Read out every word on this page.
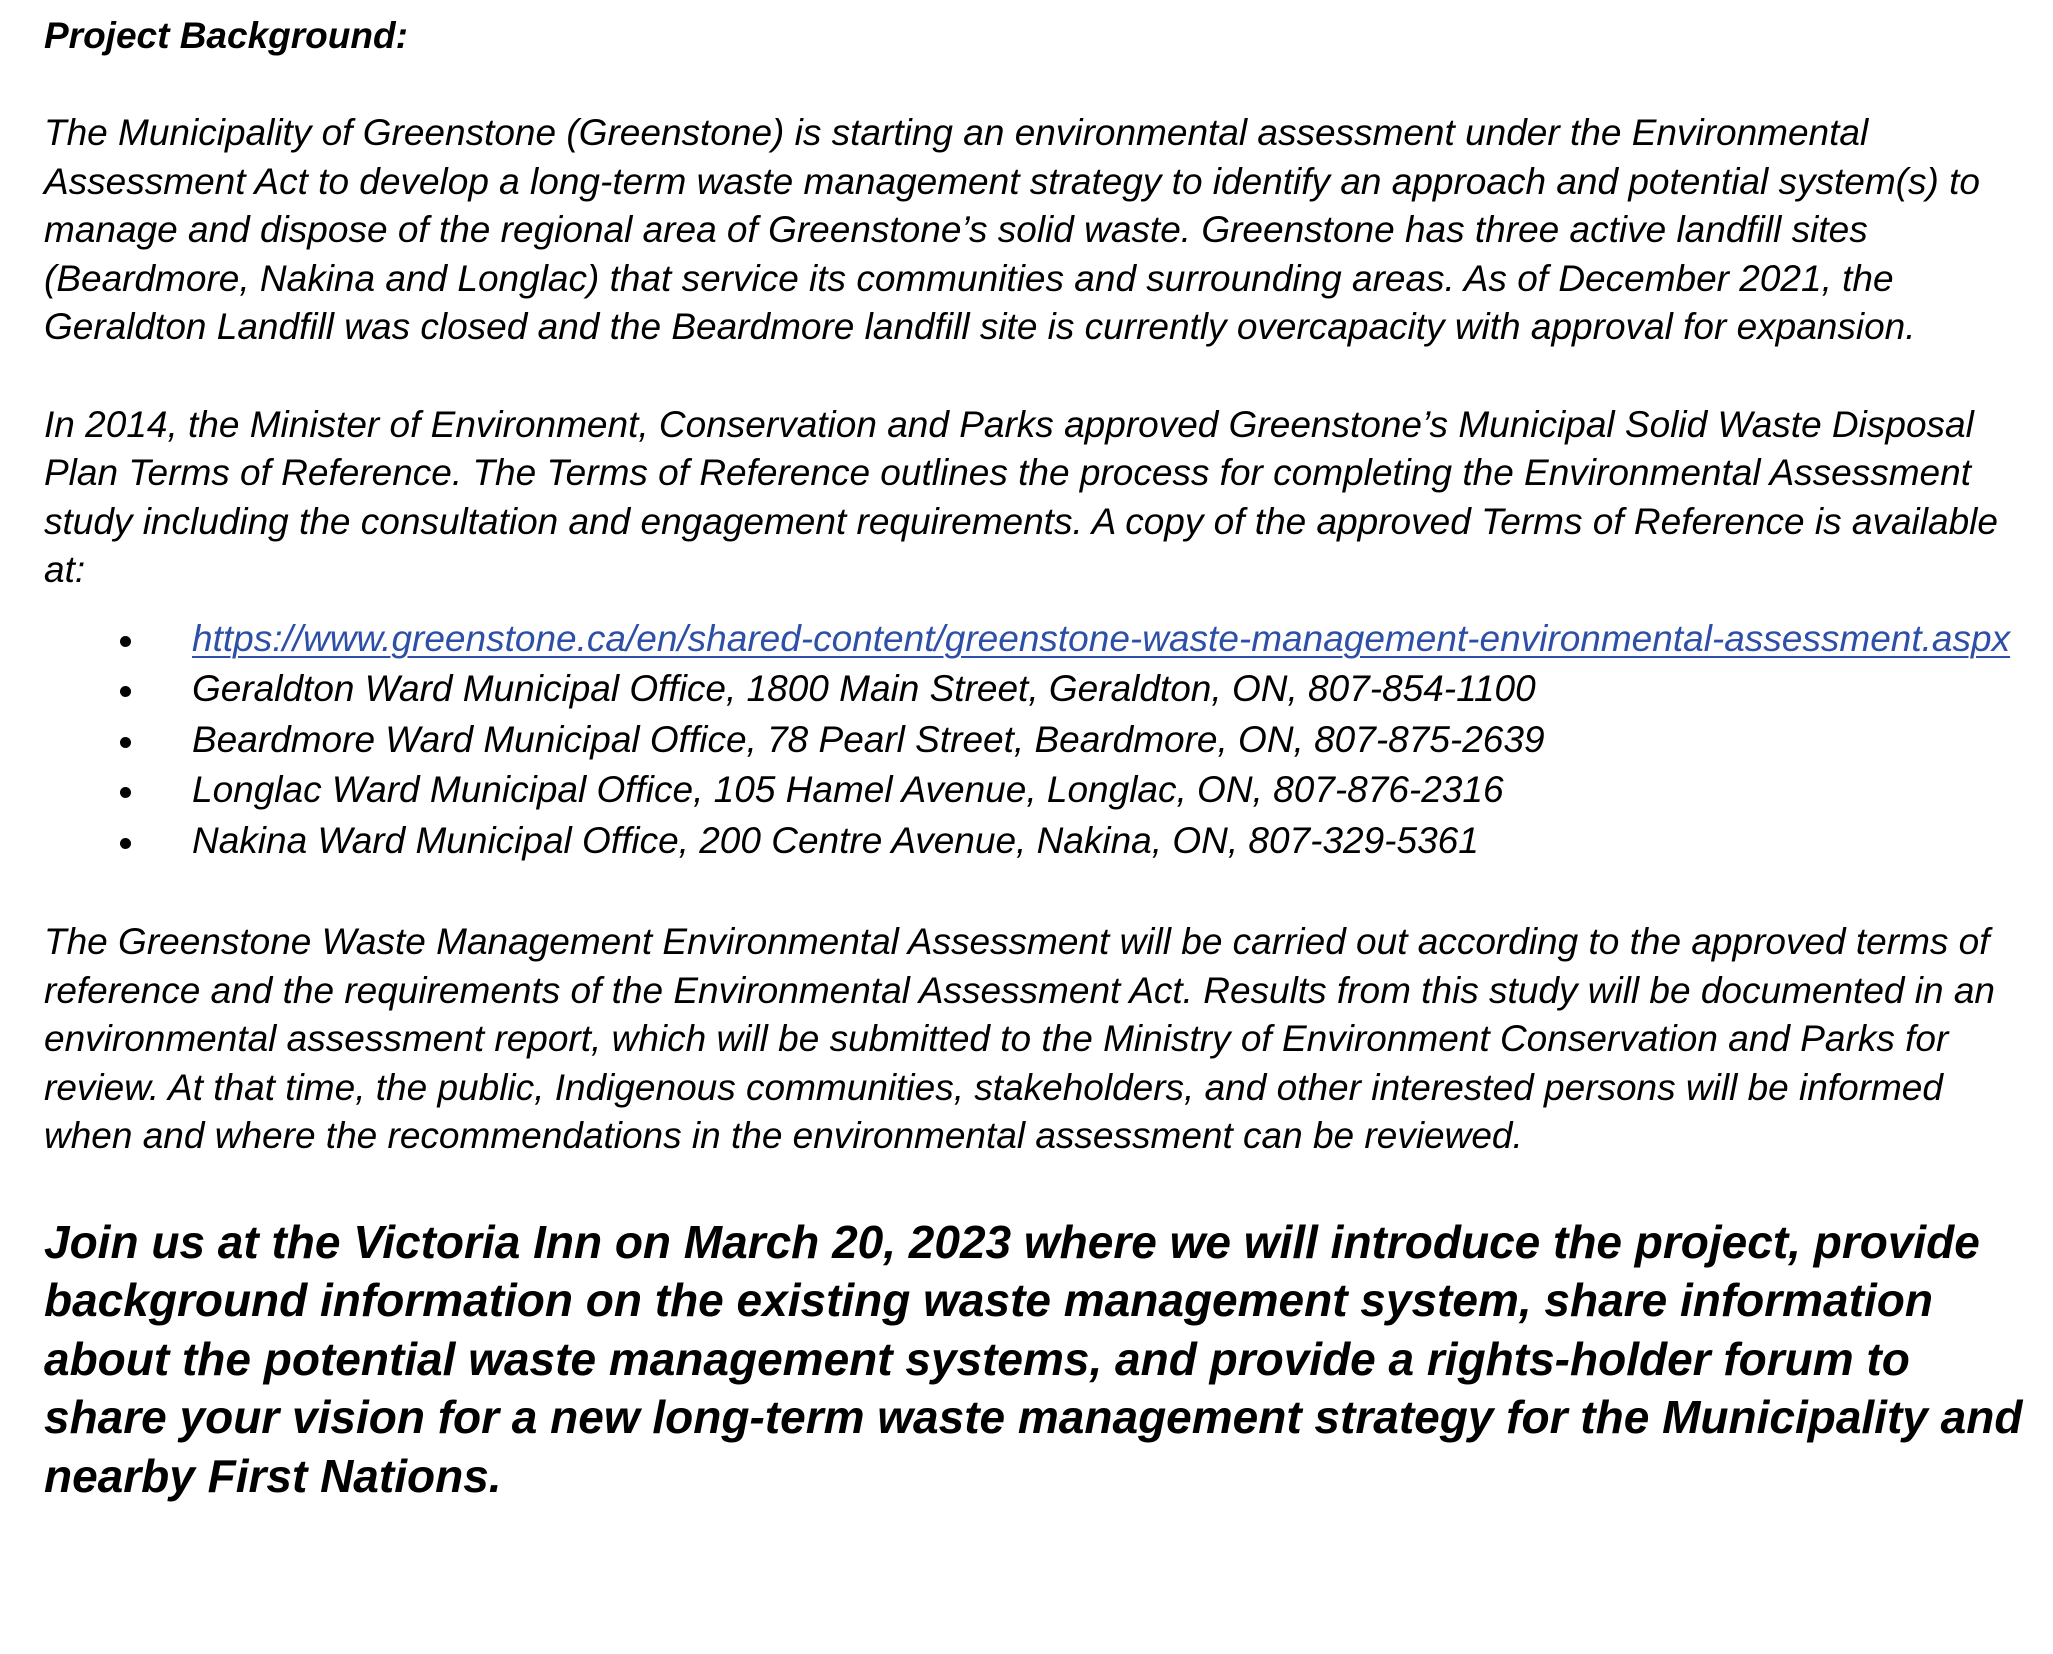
Project Background:

The Municipality of Greenstone (Greenstone) is starting an environmental assessment under the Environmental Assessment Act to develop a long-term waste management strategy to identify an approach and potential system(s) to manage and dispose of the regional area of Greenstone’s solid waste. Greenstone has three active landfill sites (Beardmore, Nakina and Longlac) that service its communities and surrounding areas. As of December 2021, the Geraldton Landfill was closed and the Beardmore landfill site is currently overcapacity with approval for expansion.

In 2014, the Minister of Environment, Conservation and Parks approved Greenstone’s Municipal Solid Waste Disposal Plan Terms of Reference. The Terms of Reference outlines the process for completing the Environmental Assessment study including the consultation and engagement requirements. A copy of the approved Terms of Reference is available at:

https://www.greenstone.ca/en/shared-content/greenstone-waste-management-environmental-assessment.aspx
Geraldton Ward Municipal Office, 1800 Main Street, Geraldton, ON, 807-854-1100
Beardmore Ward Municipal Office, 78 Pearl Street, Beardmore, ON, 807-875-2639
Longlac Ward Municipal Office, 105 Hamel Avenue, Longlac, ON, 807-876-2316
Nakina Ward Municipal Office, 200 Centre Avenue, Nakina, ON, 807-329-5361

The Greenstone Waste Management Environmental Assessment will be carried out according to the approved terms of reference and the requirements of the Environmental Assessment Act. Results from this study will be documented in an environmental assessment report, which will be submitted to the Ministry of Environment Conservation and Parks for review. At that time, the public, Indigenous communities, stakeholders, and other interested persons will be informed when and where the recommendations in the environmental assessment can be reviewed.

Join us at the Victoria Inn on March 20, 2023 where we will introduce the project, provide background information on the existing waste management system, share information about the potential waste management systems, and provide a rights-holder forum to share your vision for a new long-term waste management strategy for the Municipality and nearby First Nations.
